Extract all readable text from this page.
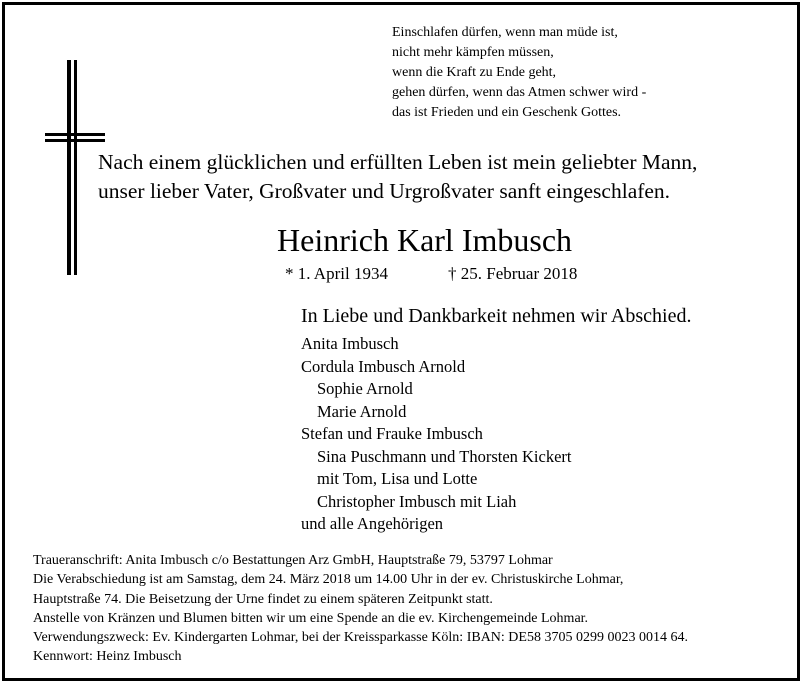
Einschlafen dürfen, wenn man müde ist,
nicht mehr kämpfen müssen,
wenn die Kraft zu Ende geht,
gehen dürfen, wenn das Atmen schwer wird -
das ist Frieden und ein Geschenk Gottes.
Nach einem glücklichen und erfüllten Leben ist mein geliebter Mann,
unser lieber Vater, Großvater und Urgroßvater sanft eingeschlafen.
Heinrich Karl Imbusch
* 1. April 1934	† 25. Februar 2018
In Liebe und Dankbarkeit nehmen wir Abschied.
Anita Imbusch
Cordula Imbusch Arnold
Sophie Arnold
Marie Arnold
Stefan und Frauke Imbusch
Sina Puschmann und Thorsten Kickert
mit Tom, Lisa und Lotte
Christopher Imbusch mit Liah
und alle Angehörigen
Traueranschrift: Anita Imbusch c/o Bestattungen Arz GmbH, Hauptstraße 79, 53797 Lohmar
Die Verabschiedung ist am Samstag, dem 24. März 2018 um 14.00 Uhr in der ev. Christuskirche Lohmar,
Hauptstraße 74. Die Beisetzung der Urne findet zu einem späteren Zeitpunkt statt.
Anstelle von Kränzen und Blumen bitten wir um eine Spende an die ev. Kirchengemeinde Lohmar.
Verwendungszweck: Ev. Kindergarten Lohmar, bei der Kreissparkasse Köln: IBAN: DE58 3705 0299 0023 0014 64.
Kennwort: Heinz Imbusch
